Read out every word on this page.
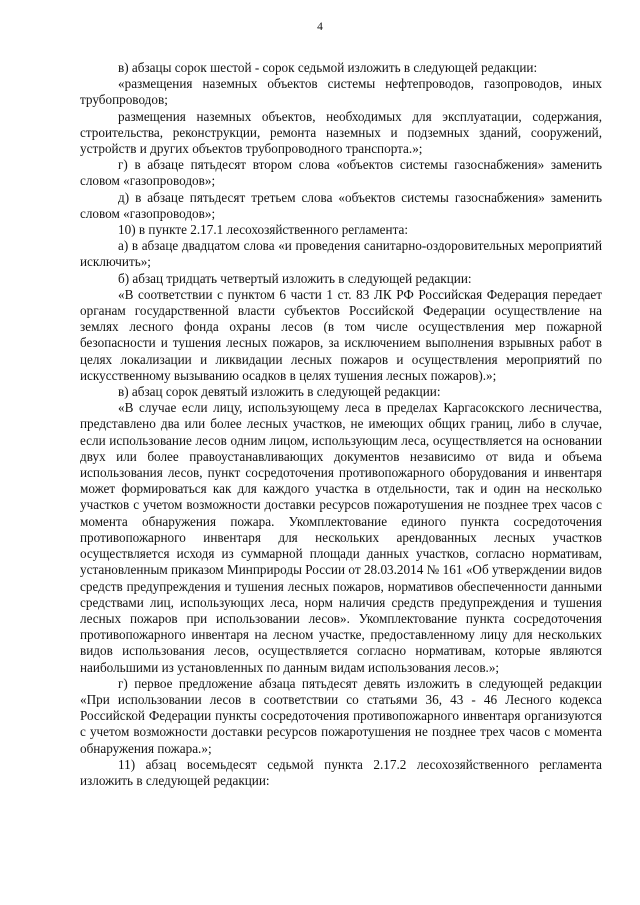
4

в) абзацы сорок шестой - сорок седьмой изложить в следующей редакции:

«размещения наземных объектов системы нефтепроводов, газопроводов, иных трубопроводов;

размещения наземных объектов, необходимых для эксплуатации, содержания, строительства, реконструкции, ремонта наземных и подземных зданий, сооружений, устройств и других объектов трубопроводного транспорта.»;

г) в абзаце пятьдесят втором слова «объектов системы газоснабжения» заменить словом «газопроводов»;

д) в абзаце пятьдесят третьем слова «объектов системы газоснабжения» заменить словом «газопроводов»;

10) в пункте 2.17.1 лесохозяйственного регламента:

а) в абзаце двадцатом слова «и проведения санитарно-оздоровительных мероприятий исключить»;

б) абзац тридцать четвертый изложить в следующей редакции:

«В соответствии с пунктом 6 части 1 ст. 83 ЛК РФ Российская Федерация передает органам государственной власти субъектов Российской Федерации осуществление на землях лесного фонда охраны лесов (в том числе осуществления мер пожарной безопасности и тушения лесных пожаров, за исключением выполнения взрывных работ в целях локализации и ликвидации лесных пожаров и осуществления мероприятий по искусственному вызыванию осадков в целях тушения лесных пожаров).»;

в) абзац сорок девятый изложить в следующей редакции:

«В случае если лицу, использующему леса в пределах Каргасокского лесничества, представлено два или более лесных участков, не имеющих общих границ, либо в случае, если использование лесов одним лицом, использующим леса, осуществляется на основании двух или более правоустанавливающих документов независимо от вида и объема использования лесов, пункт сосредоточения противопожарного оборудования и инвентаря может формироваться как для каждого участка в отдельности, так и один на несколько участков с учетом возможности доставки ресурсов пожаротушения не позднее трех часов с момента обнаружения пожара. Укомплектование единого пункта сосредоточения противопожарного инвентаря для нескольких арендованных лесных участков осуществляется исходя из суммарной площади данных участков, согласно нормативам, установленным приказом Минприроды России от 28.03.2014 № 161 «Об утверждении видов средств предупреждения и тушения лесных пожаров, нормативов обеспеченности данными средствами лиц, использующих леса, норм наличия средств предупреждения и тушения лесных пожаров при использовании лесов». Укомплектование пункта сосредоточения противопожарного инвентаря на лесном участке, предоставленному лицу для нескольких видов использования лесов, осуществляется согласно нормативам, которые являются наибольшими из установленных по данным видам использования лесов.»;

г) первое предложение абзаца пятьдесят девять изложить в следующей редакции «При использовании лесов в соответствии со статьями 36, 43 - 46 Лесного кодекса Российской Федерации пункты сосредоточения противопожарного инвентаря организуются с учетом возможности доставки ресурсов пожаротушения не позднее трех часов с момента обнаружения пожара.»;

11) абзац восемьдесят седьмой пункта 2.17.2 лесохозяйственного регламента изложить в следующей редакции:
